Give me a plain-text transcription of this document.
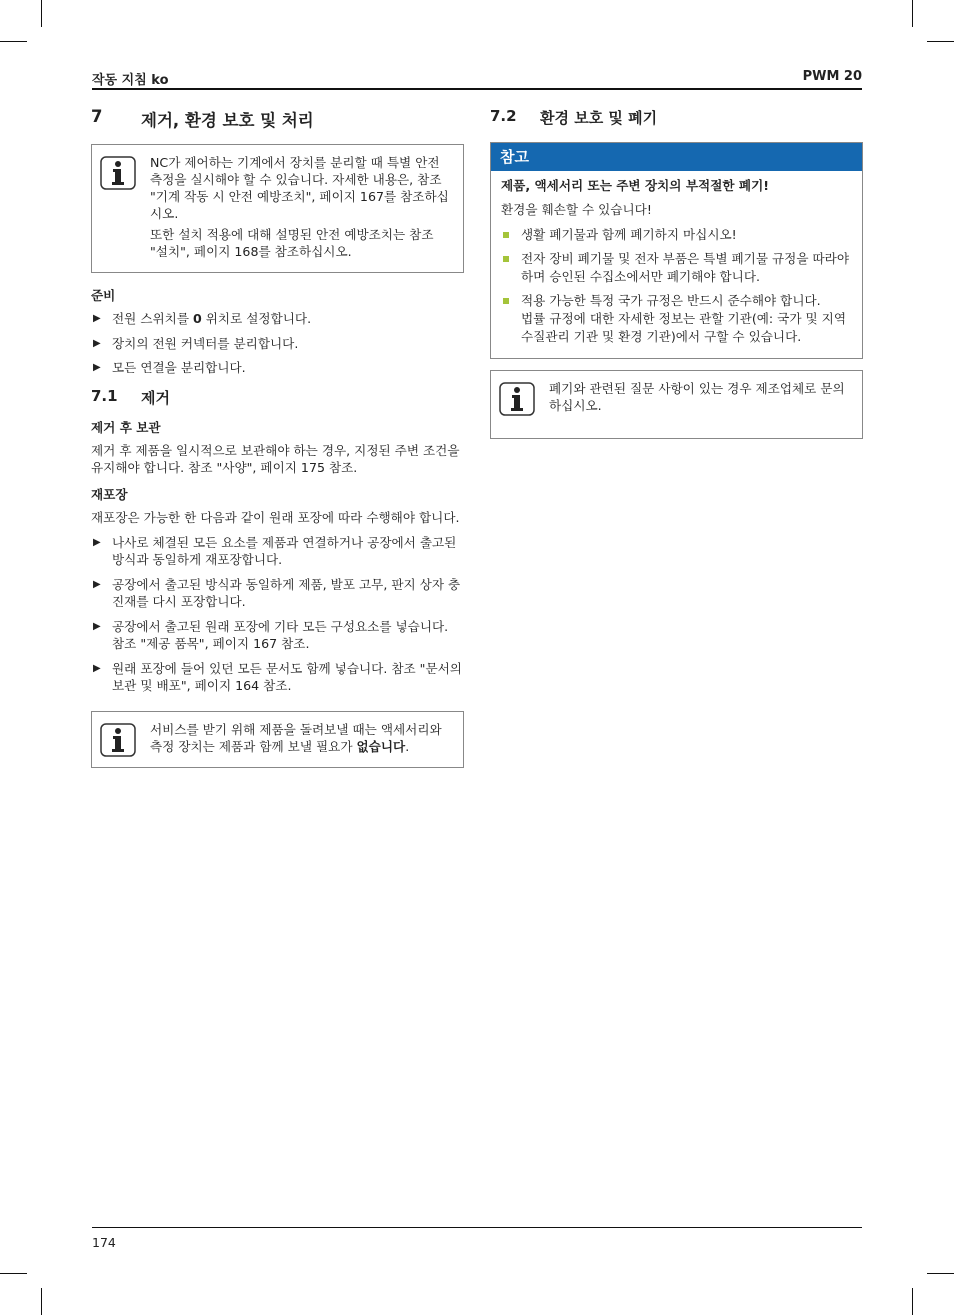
작동 지침 ko	PWM 20
7	제거, 환경 보호 및 처리

NC가 제어하는 기계에서 장치를 분리할 때 특별 안전 측정을 실시해야 할 수 있습니다. 자세한 내용은, 참조 "기계 작동 시 안전 예방조치", 페이지 167를 참조하십시오.

또한 설치 적용에 대해 설명된 안전 예방조치는 참조 "설치", 페이지 168를 참조하십시오.

준비
▶ 전원 스위치를 0 위치로 설정합니다.
▶ 장치의 전원 커넥터를 분리합니다.
▶ 모든 연결을 분리합니다.
7.1	제거
제거 후 보관

제거 후 제품을 일시적으로 보관해야 하는 경우, 지정된 주변 조건을 유지해야 합니다. 참조 "사양", 페이지 175 참조.

재포장

재포장은 가능한 한 다음과 같이 원래 포장에 따라 수행해야 합니다.

▶ 나사로 체결된 모든 요소를 제품과 연결하거나 공장에서 출고된 방식과 동일하게 재포장합니다.
▶ 공장에서 출고된 방식과 동일하게 제품, 발포 고무, 판지 상자 충진재를 다시 포장합니다.
▶ 공장에서 출고된 원래 포장에 기타 모든 구성요소를 넣습니다. 참조 "제공 품목", 페이지 167 참조.
▶ 원래 포장에 들어 있던 모든 문서도 함께 넣습니다. 참조 "문서의 보관 및 배포", 페이지 164 참조.

서비스를 받기 위해 제품을 돌려보낼 때는 액세서리와 측정 장치는 제품과 함께 보낼 필요가 없습니다.

7.2	환경 보호 및 폐기
참고
제품, 액세서리 또는 주변 장치의 부적절한 폐기!
환경을 훼손할 수 있습니다!
생활 폐기물과 함께 폐기하지 마십시오!
전자 장비 폐기물 및 전자 부품은 특별 폐기물 규정을 따라야 하며 승인된 수집소에서만 폐기해야 합니다.
적용 가능한 특정 국가 규정은 반드시 준수해야 합니다.
법률 규정에 대한 자세한 정보는 관할 기관(예: 국가 및 지역 수질관리 기관 및 환경 기관)에서 구할 수 있습니다.

폐기와 관련된 질문 사항이 있는 경우 제조업체로 문의하십시오.

174
